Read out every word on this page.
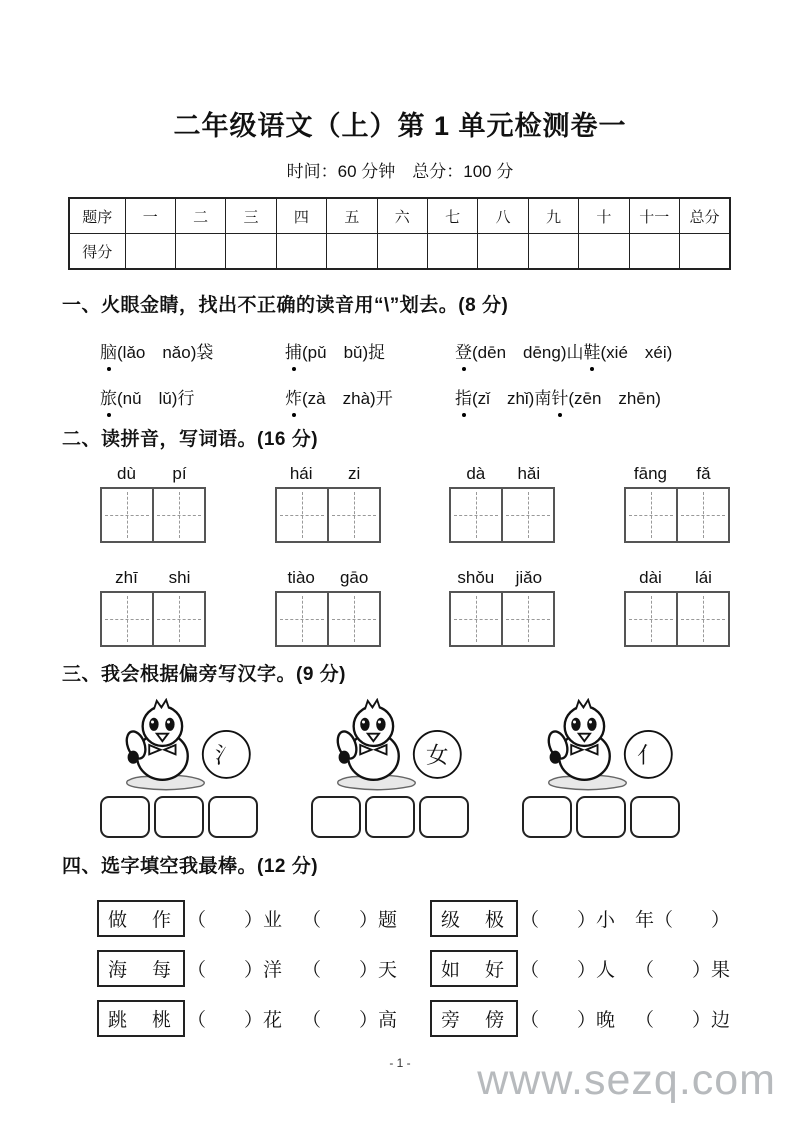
二年级语文（上）第 1 单元检测卷一
时间：60 分钟　总分：100 分
题序	一	二	三	四	五	六	七	八	九	十	十一	总分
得分												
一、火眼金睛，找出不正确的读音用“\”划去。(8 分)
脑(lǎo　nǎo)袋	捕(pǔ　bǔ)捉	登(dēn　dēng)山鞋(xié　xéi)
旅(nǔ　lǔ)行	炸(zà　zhà)开	指(zǐ　zhǐ)南针(zēn　zhēn)
二、读拼音，写词语。(16 分)
dù	pí	hái	zi	dà	hǎi	fāng	fǎ
zhī	shi	tiào	gāo	shǒu	jiǎo	dài	lái
三、我会根据偏旁写汉字。(9 分)
氵	女	亻
四、选字填空我最棒。(12 分)
做　作 （　　）业 （　　）题	级　极 （　　）小 年（　　）
海　每 （　　）洋 （　　）天	如　好 （　　）人 （　　）果
跳　桃 （　　）花 （　　）高	旁　傍 （　　）晚 （　　）边
- 1 -	www.sezq.com
